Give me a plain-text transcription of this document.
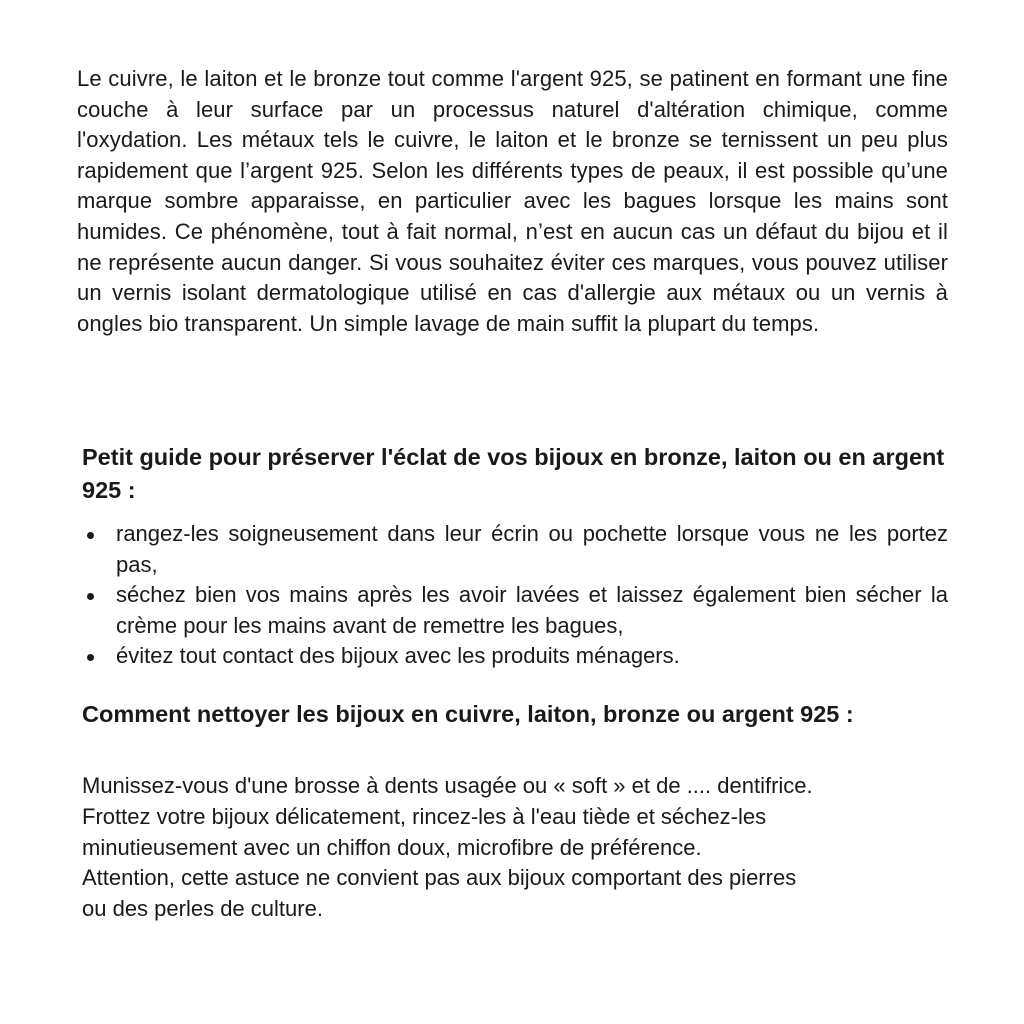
Le cuivre, le laiton et le bronze tout comme l'argent 925, se patinent en formant une fine couche à leur surface par un processus naturel d'altération chimique, comme l'oxydation. Les métaux tels le cuivre, le laiton et le bronze se ternissent un peu plus rapidement que l’argent 925. Selon les différents types de peaux, il est possible qu’une marque sombre apparaisse, en particulier avec les bagues lorsque les mains sont humides. Ce phénomène, tout à fait normal, n’est en aucun cas un défaut du bijou et il ne représente aucun danger. Si vous souhaitez éviter ces marques, vous pouvez utiliser un vernis isolant dermatologique utilisé en cas d'allergie aux métaux ou un vernis à ongles bio transparent. Un simple lavage de main suffit la plupart du temps.

Petit guide pour préserver l'éclat de vos bijoux en bronze, laiton ou en argent 925 :
rangez-les soigneusement dans leur écrin ou pochette lorsque vous ne les portez pas,
séchez bien vos mains après les avoir lavées et laissez également bien sécher la crème pour les mains avant de remettre les bagues,
évitez tout contact des bijoux avec les produits ménagers.
Comment nettoyer les bijoux en cuivre, laiton, bronze ou argent 925 :

Munissez-vous d'une brosse à dents usagée ou « soft » et de .... dentifrice.
Frottez votre bijoux délicatement, rincez-les à l'eau tiède et séchez-les
minutieusement avec un chiffon doux, microfibre de préférence.
Attention, cette astuce ne convient pas aux bijoux comportant des pierres
ou des perles de culture.
